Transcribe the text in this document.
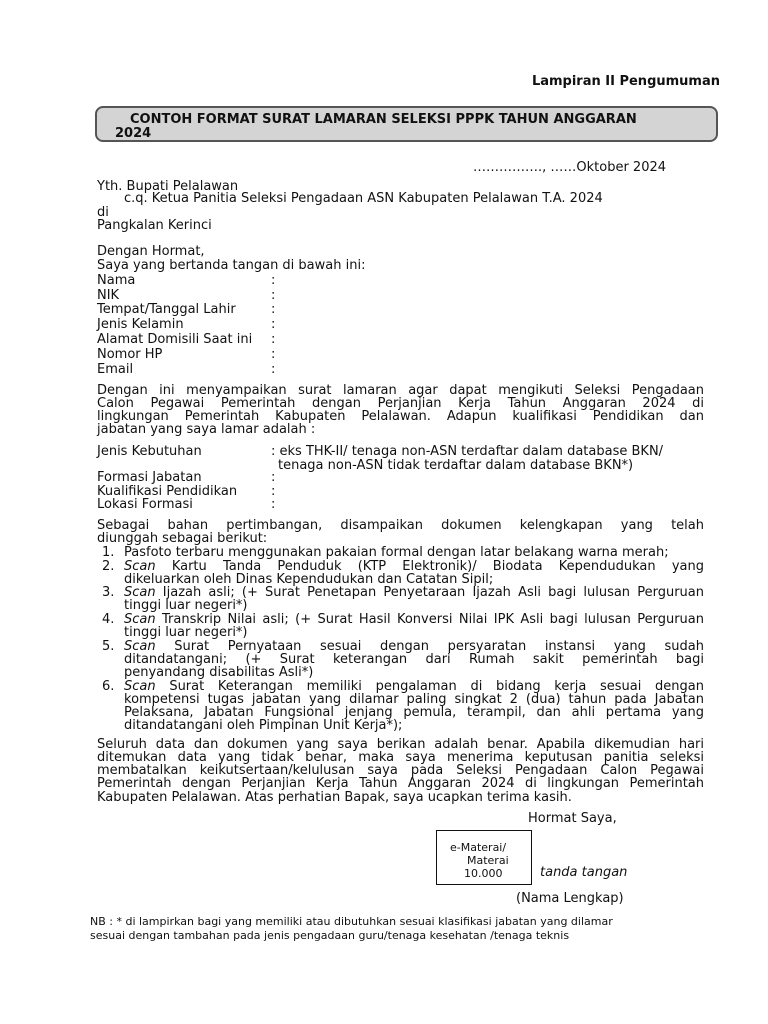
Lampiran II Pengumuman
CONTOH FORMAT SURAT LAMARAN SELEKSI PPPK TAHUN ANGGARAN
2024
……………., ……Oktober 2024
Yth. Bupati Pelalawan
c.q. Ketua Panitia Seleksi Pengadaan ASN Kabupaten Pelalawan T.A. 2024
di
Pangkalan Kerinci
Dengan Hormat,
Saya yang bertanda tangan di bawah ini:
Nama	:
NIK	:
Tempat/Tanggal Lahir	:
Jenis Kelamin	:
Alamat Domisili Saat ini :
Nomor HP	:
Email	:
Dengan ini menyampaikan surat lamaran agar dapat mengikuti Seleksi Pengadaan
Calon Pegawai Pemerintah dengan Perjanjian Kerja Tahun Anggaran 2024 di
lingkungan Pemerintah Kabupaten Pelalawan. Adapun kualifikasi Pendidikan dan
jabatan yang saya lamar adalah :
Jenis Kebutuhan	: eks THK-II/ tenaga non-ASN terdaftar dalam database BKN/
tenaga non-ASN tidak terdaftar dalam database BKN*)
Formasi Jabatan	:
Kualifikasi Pendidikan	:
Lokasi Formasi	:
Sebagai bahan pertimbangan, disampaikan dokumen kelengkapan yang telah
diunggah sebagai berikut:
1. Pasfoto terbaru menggunakan pakaian formal dengan latar belakang warna merah;
2. Scan Kartu Tanda Penduduk (KTP Elektronik)/ Biodata Kependudukan yang
dikeluarkan oleh Dinas Kependudukan dan Catatan Sipil;
3. Scan Ijazah asli; (+ Surat Penetapan Penyetaraan Ijazah Asli bagi lulusan Perguruan
tinggi luar negeri*)
4. Scan Transkrip Nilai asli; (+ Surat Hasil Konversi Nilai IPK Asli bagi lulusan Perguruan
tinggi luar negeri*)
5. Scan Surat Pernyataan sesuai dengan persyaratan instansi yang sudah
ditandatangani; (+ Surat keterangan dari Rumah sakit pemerintah bagi
penyandang disabilitas Asli*)
6. Scan Surat Keterangan memiliki pengalaman di bidang kerja sesuai dengan
kompetensi tugas jabatan yang dilamar paling singkat 2 (dua) tahun pada Jabatan
Pelaksana, Jabatan Fungsional jenjang pemula, terampil, dan ahli pertama yang
ditandatangani oleh Pimpinan Unit Kerja*);
Seluruh data dan dokumen yang saya berikan adalah benar. Apabila dikemudian hari
ditemukan data yang tidak benar, maka saya menerima keputusan panitia seleksi
membatalkan keikutsertaan/kelulusan saya pada Seleksi Pengadaan Calon Pegawai
Pemerintah dengan Perjanjian Kerja Tahun Anggaran 2024 di lingkungan Pemerintah
Kabupaten Pelalawan. Atas perhatian Bapak, saya ucapkan terima kasih.
Hormat Saya,
e-Materai/
Materai
10.000	tanda tangan
(Nama Lengkap)
NB : * di lampirkan bagi yang memiliki atau dibutuhkan sesuai klasifikasi jabatan yang dilamar
sesuai dengan tambahan pada jenis pengadaan guru/tenaga kesehatan /tenaga teknis
